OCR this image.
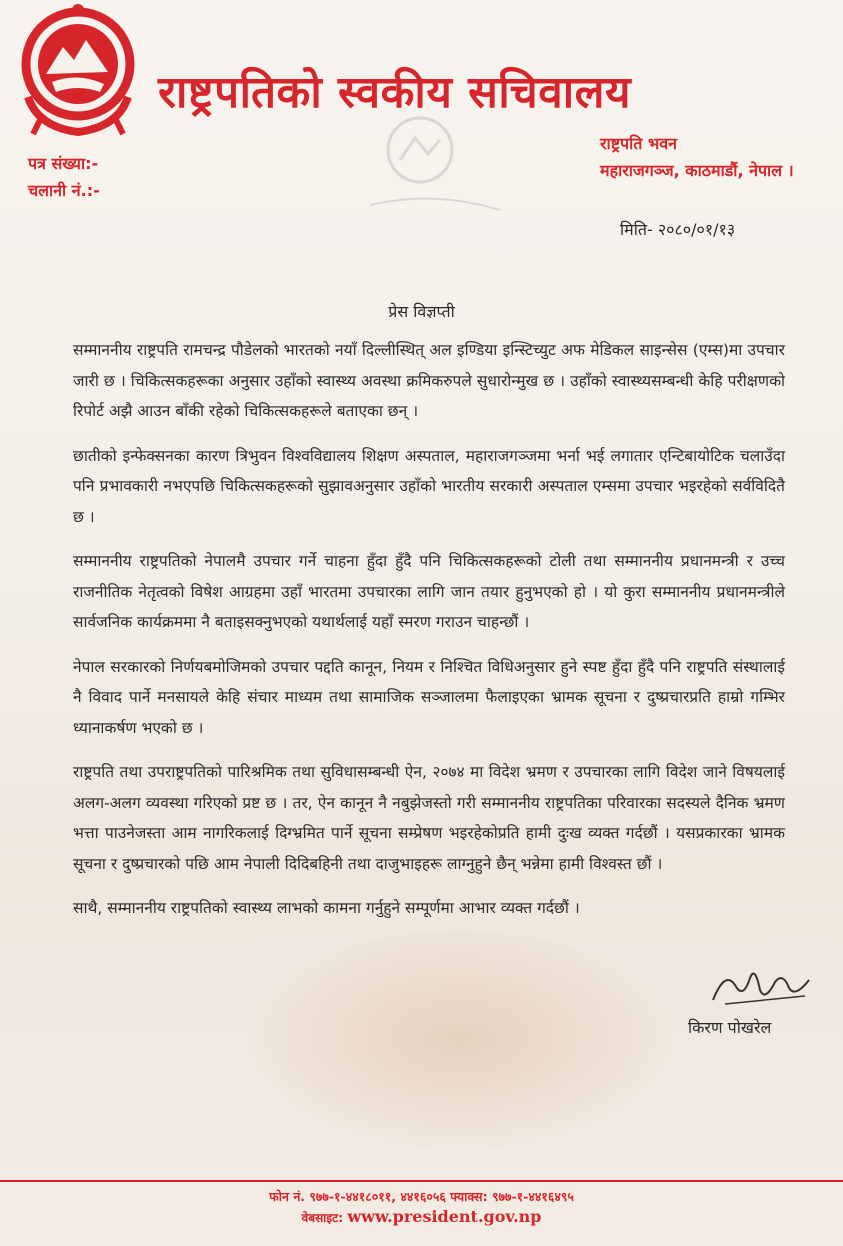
राष्ट्रपतिको स्वकीय सचिवालय
पत्र संख्या:-
चलानी नं.:-
राष्ट्रपति भवन
महाराजगञ्ज, काठमाडौं, नेपाल ।
मिति- २०८०/०१/१३
प्रेस विज्ञप्ती

सम्माननीय राष्ट्रपति रामचन्द्र पौडेलको भारतको नयाँ दिल्लीस्थित् अल इण्डिया इन्स्टिच्युट अफ मेडिकल साइन्सेस (एम्स)मा उपचार जारी छ । चिकित्सकहरूका अनुसार उहाँको स्वास्थ्य अवस्था क्रमिकरुपले सुधारोन्मुख छ । उहाँको स्वास्थ्यसम्बन्धी केहि परीक्षणको रिपोर्ट अझै आउन बाँकी रहेको चिकित्सकहरूले बताएका छन् ।

छातीको इन्फेक्सनका कारण त्रिभुवन विश्वविद्यालय शिक्षण अस्पताल, महाराजगञ्जमा भर्ना भई लगातार एन्टिबायोटिक चलाउँदा पनि प्रभावकारी नभएपछि चिकित्सकहरूको सुझावअनुसार उहाँको भारतीय सरकारी अस्पताल एम्समा उपचार भइरहेको सर्वविदितै छ ।

सम्माननीय राष्ट्रपतिको नेपालमै उपचार गर्ने चाहना हुँदा हुँदै पनि चिकित्सकहरूको टोली तथा सम्माननीय प्रधानमन्त्री र उच्च राजनीतिक नेतृत्वको विषेश आग्रहमा उहाँ भारतमा उपचारका लागि जान तयार हुनुभएको हो । यो कुरा सम्माननीय प्रधानमन्त्रीले सार्वजनिक कार्यक्रममा नै बताइसक्नुभएको यथार्थलाई यहाँ स्मरण गराउन चाहन्छौं ।

नेपाल सरकारको निर्णयबमोजिमको उपचार पद्दति कानून, नियम र निश्चित विधिअनुसार हुने स्पष्ट हुँदा हुँदै पनि राष्ट्रपति संस्थालाई नै विवाद पार्ने मनसायले केहि संचार माध्यम तथा सामाजिक सञ्जालमा फैलाइएका भ्रामक सूचना र दुष्प्रचारप्रति हाम्रो गम्भिर ध्यानाकर्षण भएको छ ।

राष्ट्रपति तथा उपराष्ट्रपतिको पारिश्रमिक तथा सुविधासम्बन्धी ऐन, २०७४ मा विदेश भ्रमण र उपचारका लागि विदेश जाने विषयलाई अलग-अलग व्यवस्था गरिएको प्रष्ट छ । तर, ऐन कानून नै नबुझेजस्तो गरी सम्माननीय राष्ट्रपतिका परिवारका सदस्यले दैनिक भ्रमण भत्ता पाउनेजस्ता आम नागरिकलाई दिग्भ्रमित पार्ने सूचना सम्प्रेषण भइरहेकोप्रति हामी दुःख व्यक्त गर्दछौं । यसप्रकारका भ्रामक सूचना र दुष्प्रचारको पछि आम नेपाली दिदिबहिनी तथा दाजुभाइहरू लाग्नुहुने छैन् भन्नेमा हामी विश्वस्त छौं ।

साथै, सम्माननीय राष्ट्रपतिको स्वास्थ्य लाभको कामना गर्नुहुने सम्पूर्णमा आभार व्यक्त गर्दछौं ।

किरण पोखरेल
फोन नं. ९७७-१-४४१८०११, ४४१६०५६ फ्याक्स: ९७७-१-४४१६४९५
वेबसाइट: www.president.gov.np
